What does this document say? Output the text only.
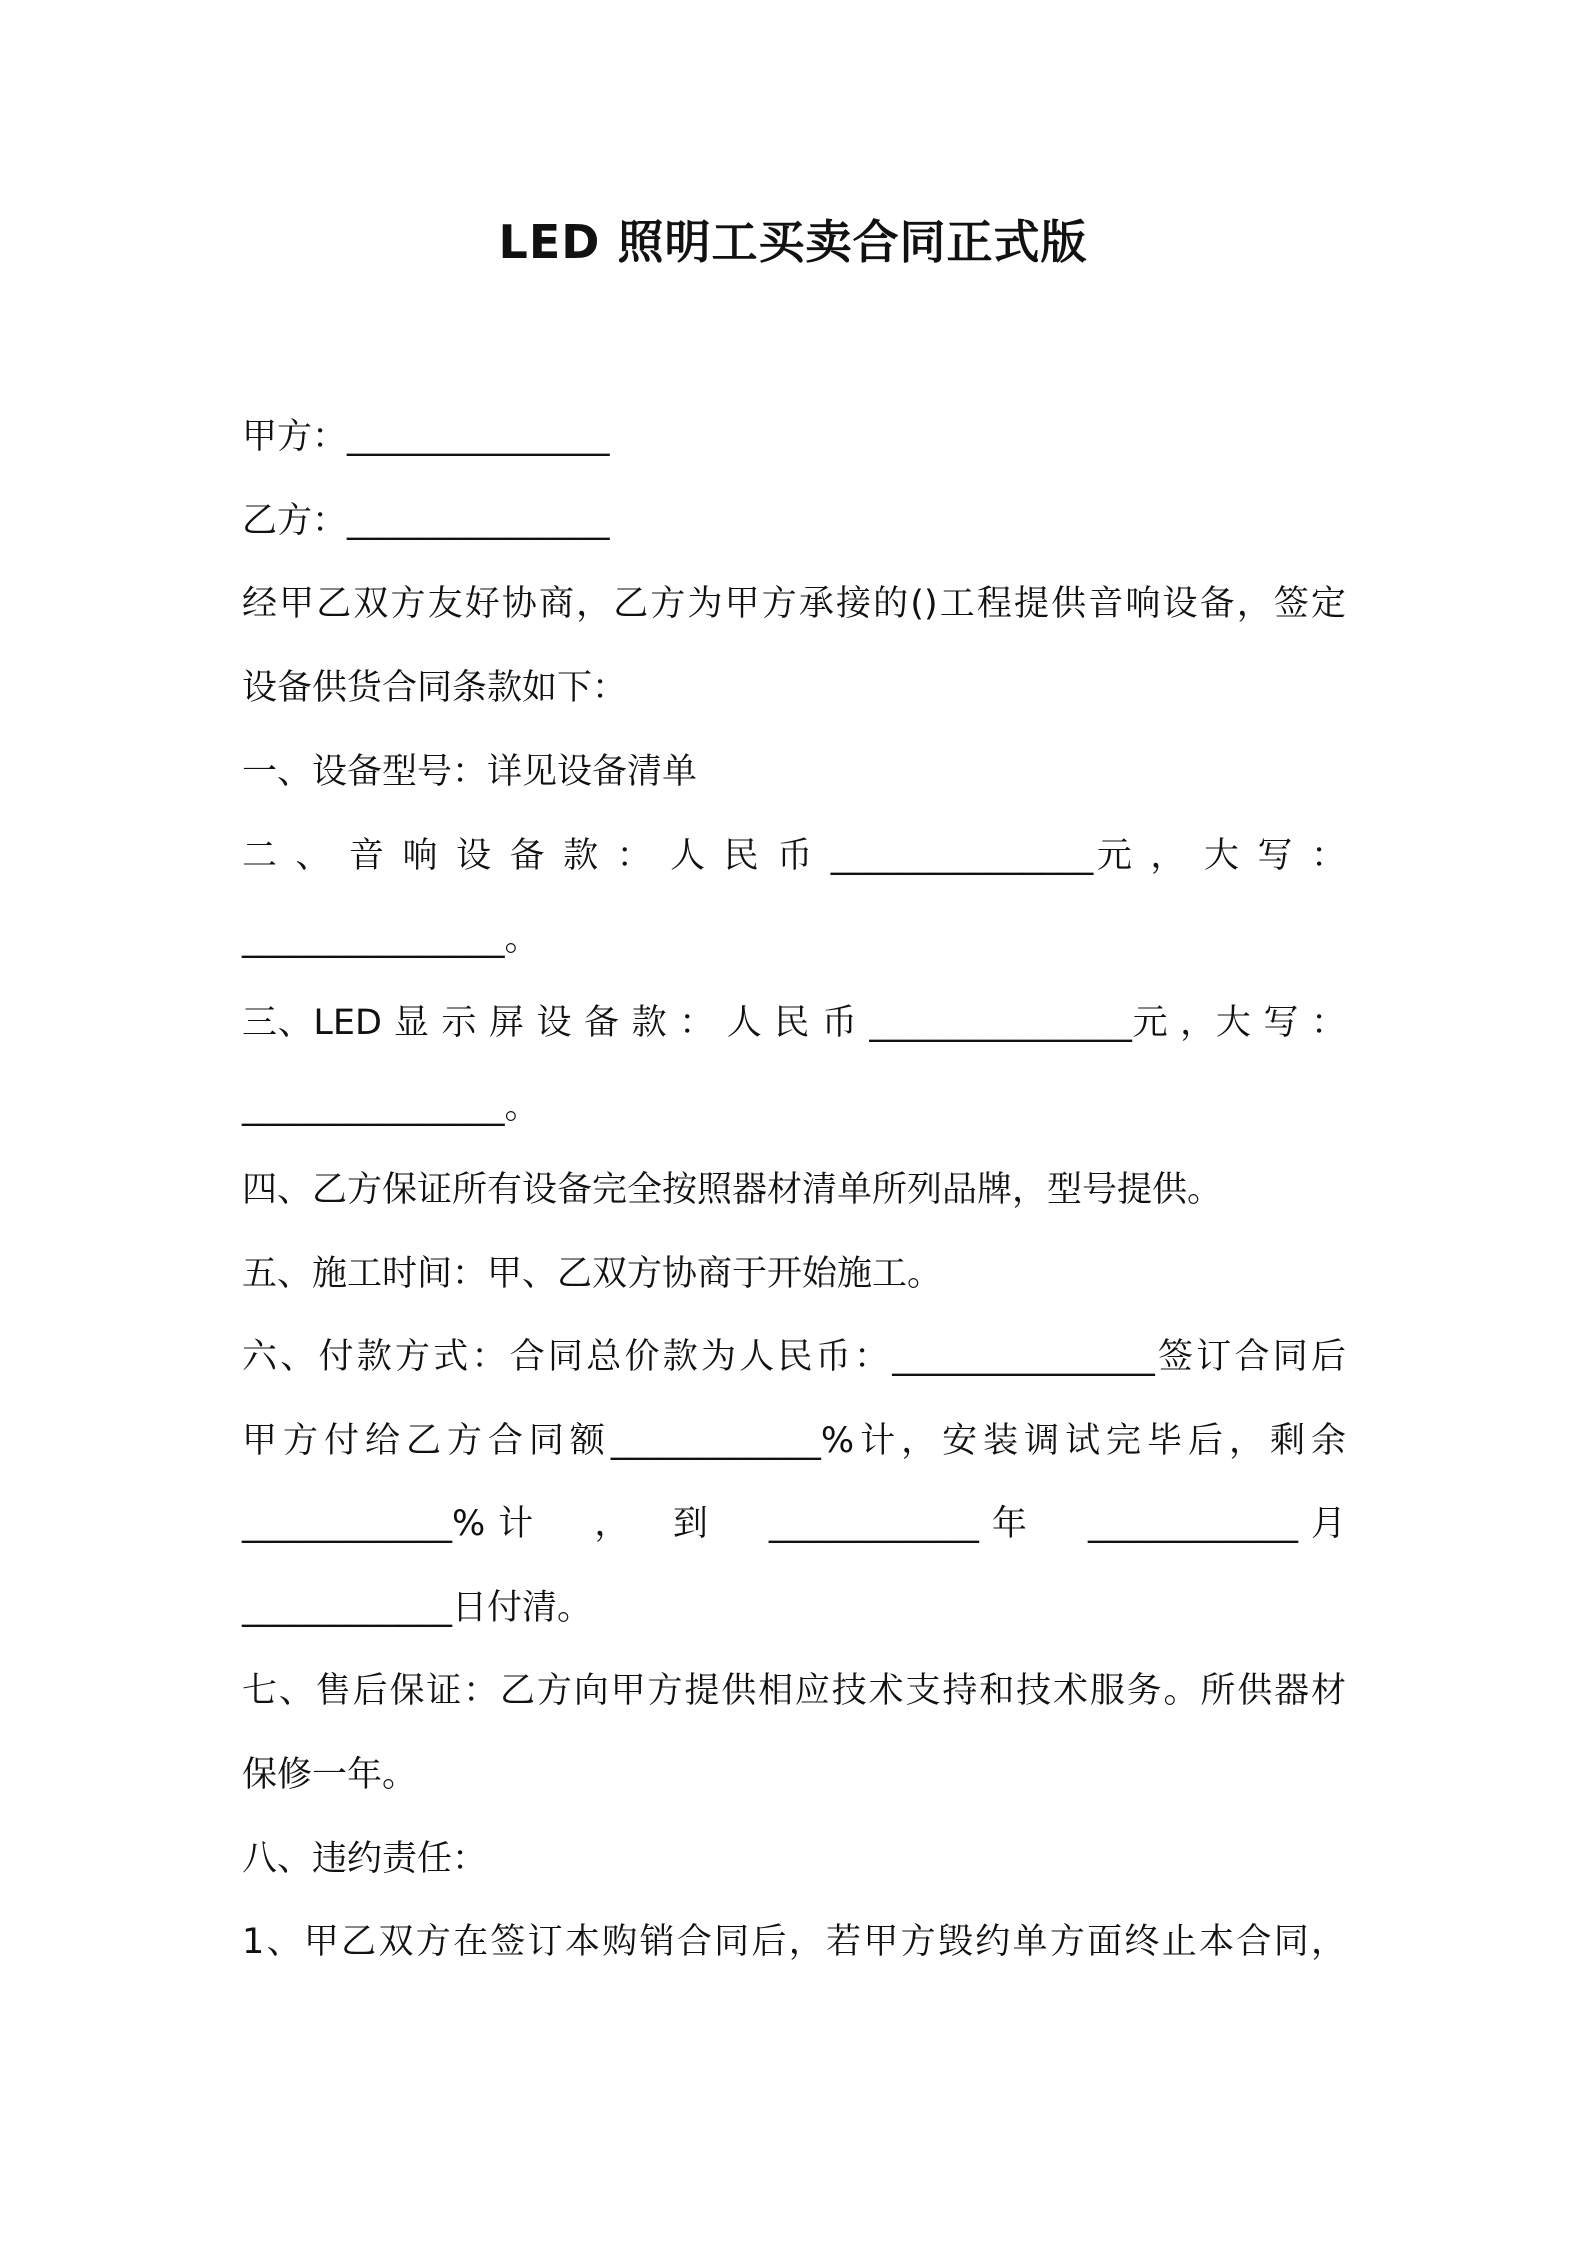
LED 照明工买卖合同正式版
甲方：_______________
乙方：_______________
经甲乙双方友好协商，乙方为甲方承接的()工程提供音响设备，签定
设备供货合同条款如下：
一、设备型号：详见设备清单
二 、 音 响 设 备 款 ： 人 民 币 _______________元 ， 大 写 ：
_______________。
三、LED 显 示 屏 设 备 款 ： 人 民 币 _______________元 ，大 写 ：
_______________。
四、乙方保证所有设备完全按照器材清单所列品牌，型号提供。
五、施工时间：甲、乙双方协商于开始施工。
六、付款方式：合同总价款为人民币：_______________签订合同后
甲方付给乙方合同额____________%计，安装调试完毕后，剩余
____________%计　，　到　____________年　____________月
____________日付清。
七、售后保证：乙方向甲方提供相应技术支持和技术服务。所供器材
保修一年。
八、违约责任：
1、甲乙双方在签订本购销合同后，若甲方毁约单方面终止本合同，
